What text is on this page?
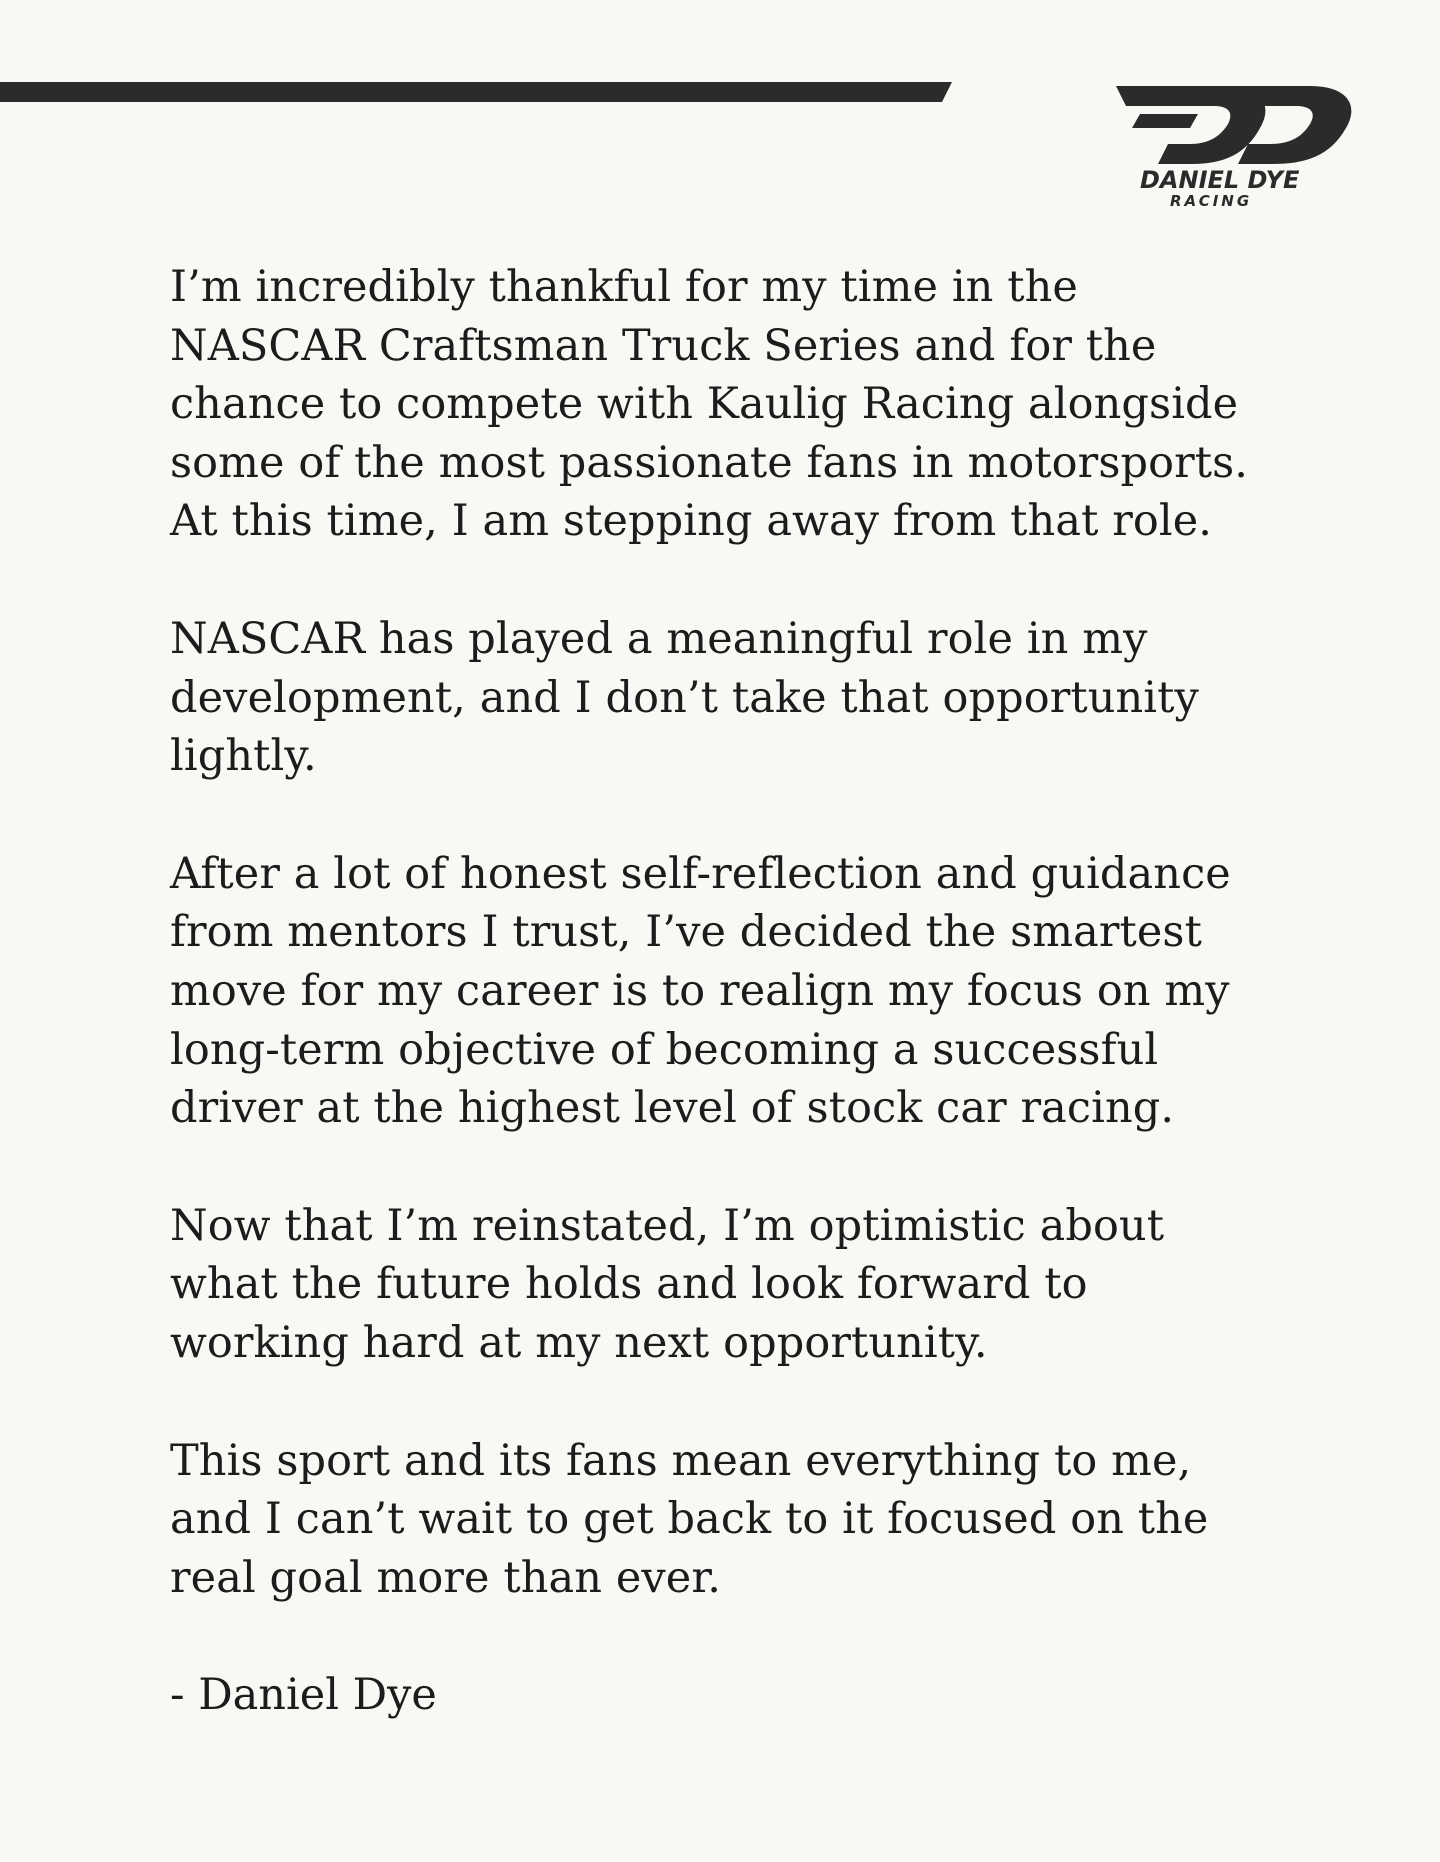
DANIEL DYE
RACING

I’m incredibly thankful for my time in the
NASCAR Craftsman Truck Series and for the
chance to compete with Kaulig Racing alongside
some of the most passionate fans in motorsports.
At this time, I am stepping away from that role.

NASCAR has played a meaningful role in my
development, and I don’t take that opportunity
lightly.

After a lot of honest self-reflection and guidance
from mentors I trust, I’ve decided the smartest
move for my career is to realign my focus on my
long-term objective of becoming a successful
driver at the highest level of stock car racing.

Now that I’m reinstated, I’m optimistic about
what the future holds and look forward to
working hard at my next opportunity.

This sport and its fans mean everything to me,
and I can’t wait to get back to it focused on the
real goal more than ever.

- Daniel Dye
